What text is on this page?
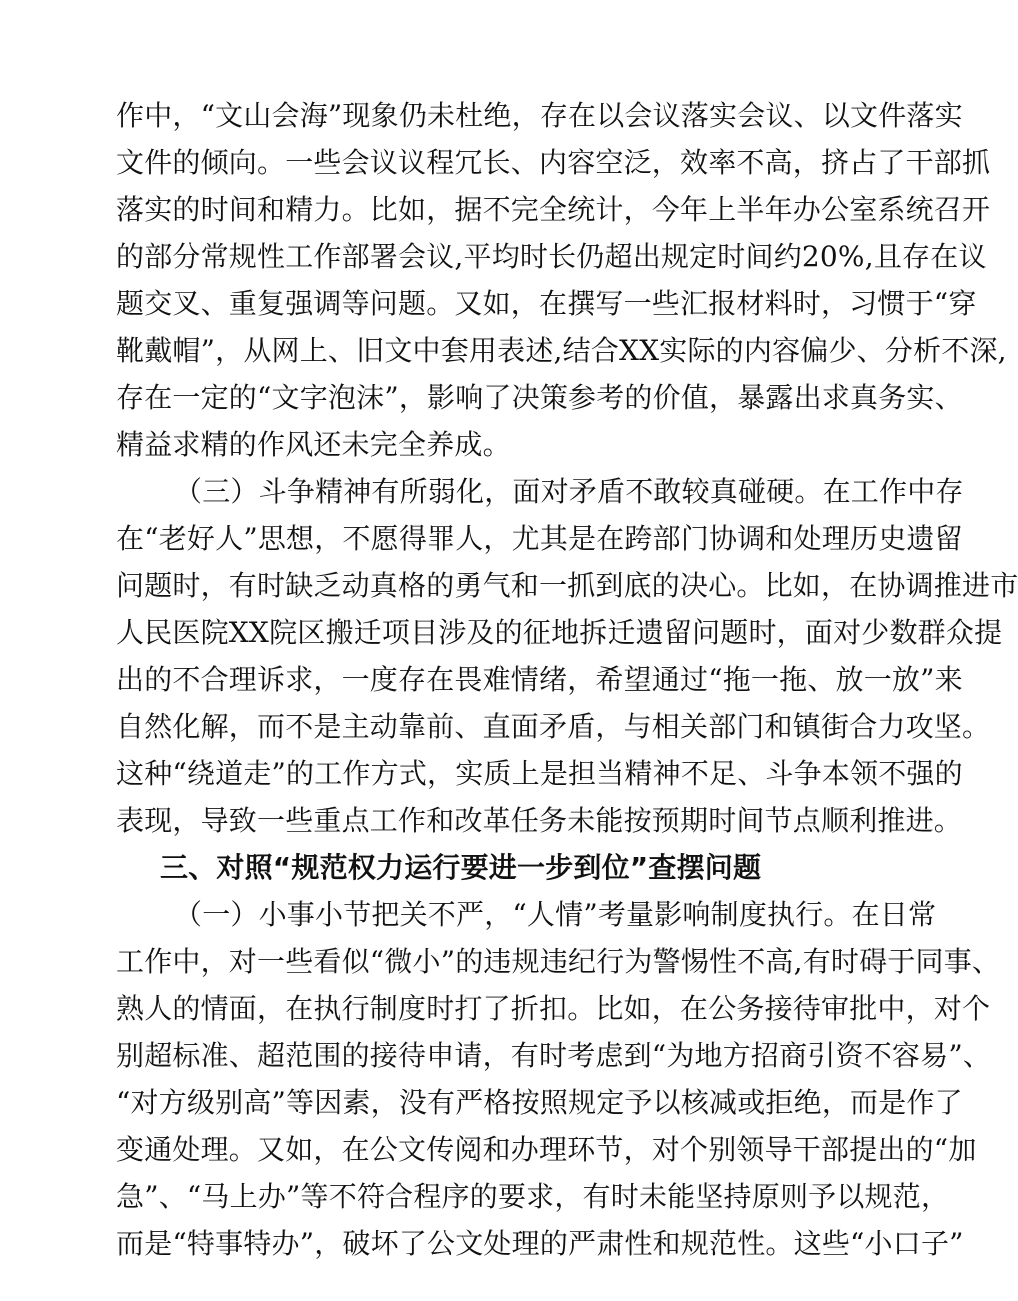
作中，“文山会海”现象仍未杜绝，存在以会议落实会议、以文件落实
文件的倾向。一些会议议程冗长、内容空泛，效率不高，挤占了干部抓
落实的时间和精力。比如，据不完全统计，今年上半年办公室系统召开
的部分常规性工作部署会议,平均时长仍超出规定时间约20%,且存在议
题交叉、重复强调等问题。又如，在撰写一些汇报材料时，习惯于“穿
靴戴帽”，从网上、旧文中套用表述,结合XX实际的内容偏少、分析不深,
存在一定的“文字泡沫”，影响了决策参考的价值，暴露出求真务实、
精益求精的作风还未完全养成。
（三）斗争精神有所弱化，面对矛盾不敢较真碰硬。在工作中存
在“老好人”思想，不愿得罪人，尤其是在跨部门协调和处理历史遗留
问题时，有时缺乏动真格的勇气和一抓到底的决心。比如，在协调推进市
人民医院XX院区搬迁项目涉及的征地拆迁遗留问题时，面对少数群众提
出的不合理诉求，一度存在畏难情绪，希望通过“拖一拖、放一放”来
自然化解，而不是主动靠前、直面矛盾，与相关部门和镇街合力攻坚。
这种“绕道走”的工作方式，实质上是担当精神不足、斗争本领不强的
表现，导致一些重点工作和改革任务未能按预期时间节点顺利推进。
三、对照“规范权力运行要进一步到位”查摆问题
（一）小事小节把关不严，“人情”考量影响制度执行。在日常
工作中，对一些看似“微小”的违规违纪行为警惕性不高,有时碍于同事、
熟人的情面，在执行制度时打了折扣。比如，在公务接待审批中，对个
别超标准、超范围的接待申请，有时考虑到“为地方招商引资不容易”、
“对方级别高”等因素，没有严格按照规定予以核减或拒绝，而是作了
变通处理。又如，在公文传阅和办理环节，对个别领导干部提出的“加
急”、“马上办”等不符合程序的要求，有时未能坚持原则予以规范，
而是“特事特办”，破坏了公文处理的严肃性和规范性。这些“小口子”
